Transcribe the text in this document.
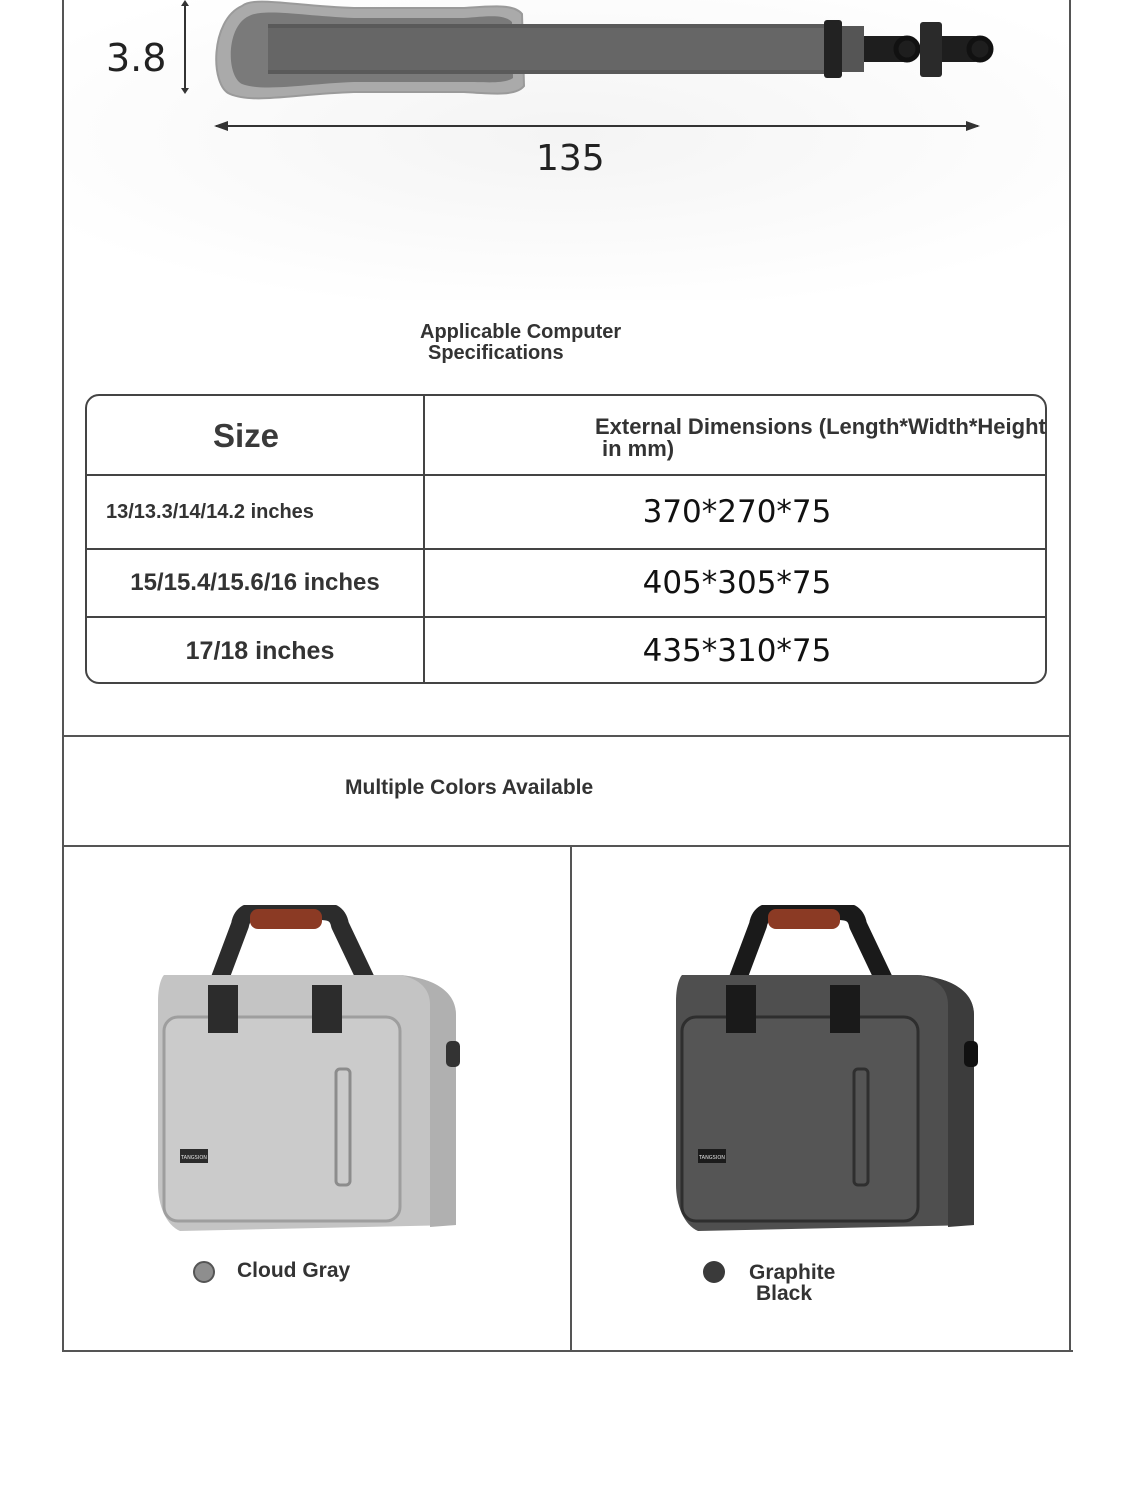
3.8
135
Applicable Computer
Specifications
Size	External Dimensions (Length*Width*Height
in mm)
13/13.3/14/14.2 inches	370*270*75
15/15.4/15.6/16 inches	405*305*75
17/18 inches	435*310*75
Multiple Colors Available
TANGSION
Cloud Gray
TANGSION
Graphite
Black
